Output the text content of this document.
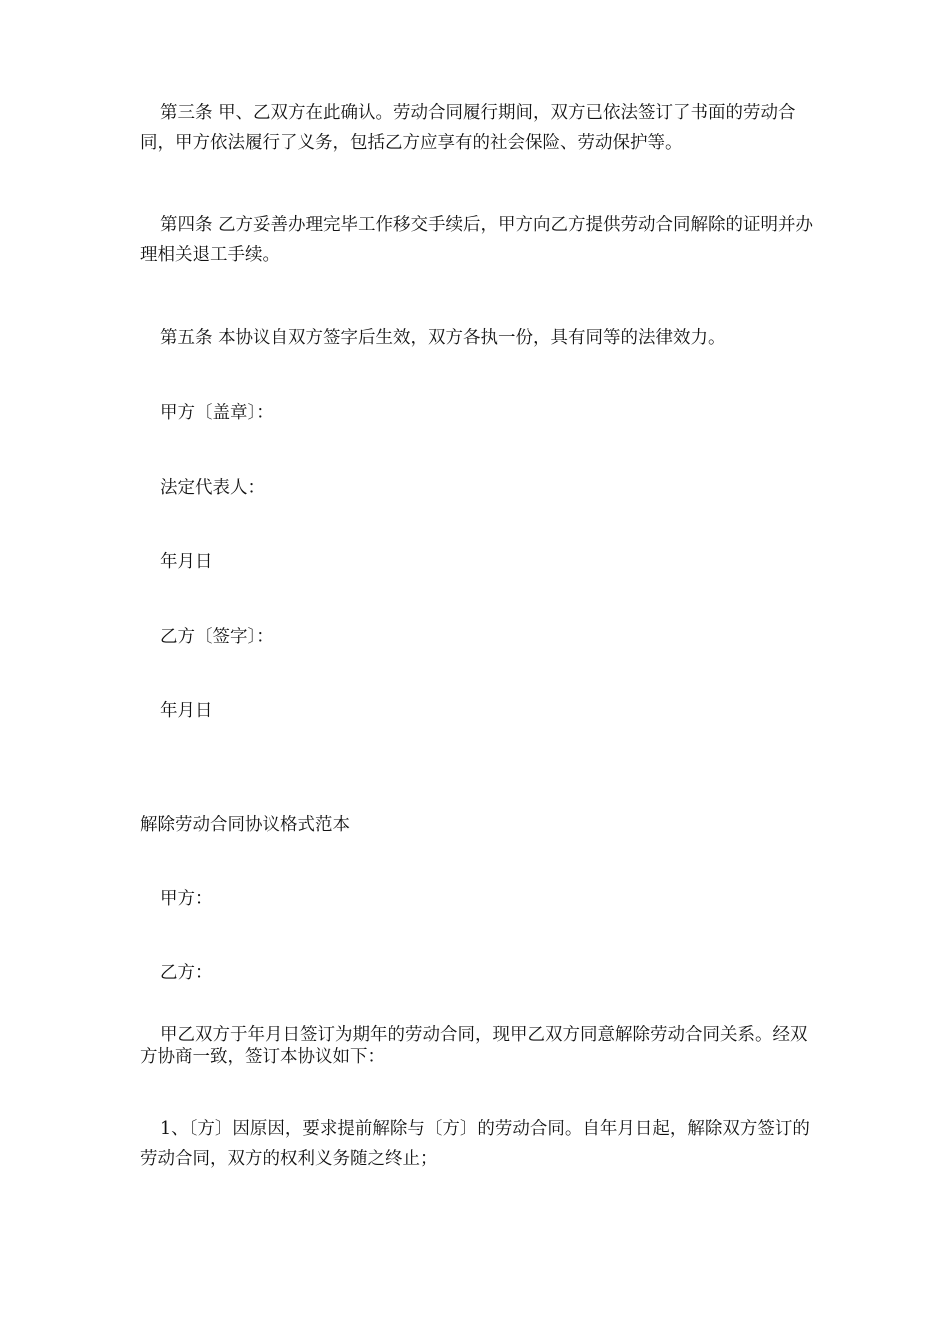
第三条 甲、乙双方在此确认。劳动合同履行期间，双方已依法签订了书面的劳动合同，甲方依法履行了义务，包括乙方应享有的社会保险、劳动保护等。

第四条 乙方妥善办理完毕工作移交手续后，甲方向乙方提供劳动合同解除的证明并办理相关退工手续。

第五条 本协议自双方签字后生效，双方各执一份，具有同等的法律效力。

甲方〔盖章〕：

法定代表人：

年月日

乙方〔签字〕：

年月日

解除劳动合同协议格式范本

甲方：

乙方：

甲乙双方于年月日签订为期年的劳动合同，现甲乙双方同意解除劳动合同关系。经双方协商一致，签订本协议如下：

1、〔方〕因原因，要求提前解除与〔方〕的劳动合同。自年月日起，解除双方签订的劳动合同，双方的权利义务随之终止；
